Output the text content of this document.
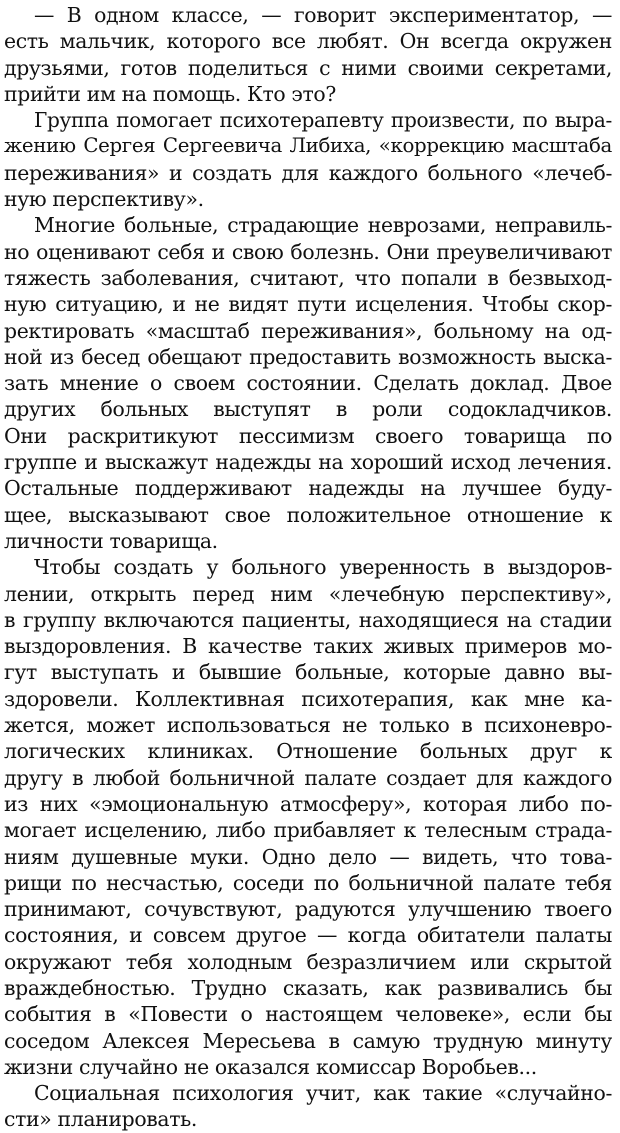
— В одном классе, — говорит экспериментатор, —
есть мальчик, которого все любят. Он всегда окружен
друзьями, готов поделиться с ними своими секретами,
прийти им на помощь. Кто это?
Группа помогает психотерапевту произвести, по выра-
жению Сергея Сергеевича Либиха, «коррекцию масштаба
переживания» и создать для каждого больного «лечеб-
ную перспективу».
Многие больные, страдающие неврозами, неправиль-
но оценивают себя и свою болезнь. Они преувеличивают
тяжесть заболевания, считают, что попали в безвыход-
ную ситуацию, и не видят пути исцеления. Чтобы скор-
ректировать «масштаб переживания», больному на од-
ной из бесед обещают предоставить возможность выска-
зать мнение о своем состоянии. Сделать доклад. Двое
других больных выступят в роли содокладчиков.
Они раскритикуют пессимизм своего товарища по
группе и выскажут надежды на хороший исход лечения.
Остальные поддерживают надежды на лучшее буду-
щее, высказывают свое положительное отношение к
личности товарища.
Чтобы создать у больного уверенность в выздоров-
лении, открыть перед ним «лечебную перспективу»,
в группу включаются пациенты, находящиеся на стадии
выздоровления. В качестве таких живых примеров мо-
гут выступать и бывшие больные, которые давно вы-
здоровели. Коллективная психотерапия, как мне ка-
жется, может использоваться не только в психоневро-
логических клиниках. Отношение больных друг к
другу в любой больничной палате создает для каждого
из них «эмоциональную атмосферу», которая либо по-
могает исцелению, либо прибавляет к телесным страда-
ниям душевные муки. Одно дело — видеть, что това-
рищи по несчастью, соседи по больничной палате тебя
принимают, сочувствуют, радуются улучшению твоего
состояния, и совсем другое — когда обитатели палаты
окружают тебя холодным безразличием или скрытой
враждебностью. Трудно сказать, как развивались бы
события в «Повести о настоящем человеке», если бы
соседом Алексея Мересьева в самую трудную минуту
жизни случайно не оказался комиссар Воробьев...
Социальная психология учит, как такие «случайно-
сти» планировать.
